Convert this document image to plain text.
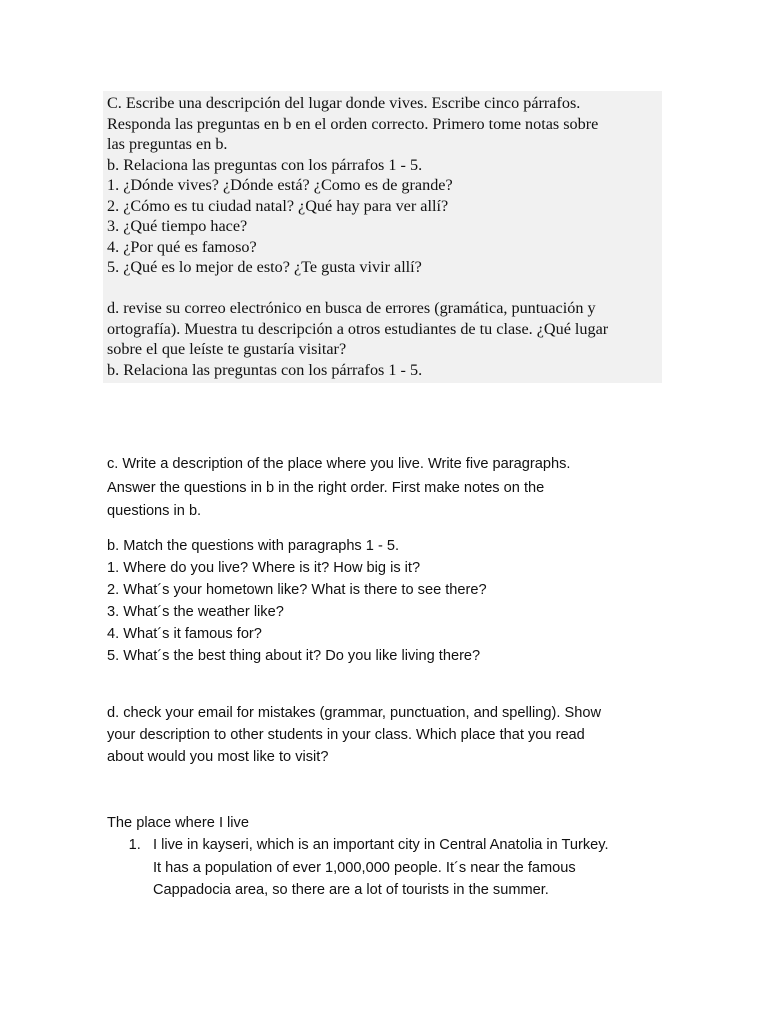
C. Escribe una descripción del lugar donde vives. Escribe cinco párrafos.
Responda las preguntas en b en el orden correcto. Primero tome notas sobre
las preguntas en b.
b. Relaciona las preguntas con los párrafos 1 - 5.
1. ¿Dónde vives? ¿Dónde está? ¿Como es de grande?
2. ¿Cómo es tu ciudad natal? ¿Qué hay para ver allí?
3. ¿Qué tiempo hace?
4. ¿Por qué es famoso?
5. ¿Qué es lo mejor de esto? ¿Te gusta vivir allí?
d. revise su correo electrónico en busca de errores (gramática, puntuación y
ortografía). Muestra tu descripción a otros estudiantes de tu clase. ¿Qué lugar
sobre el que leíste te gustaría visitar?
b. Relaciona las preguntas con los párrafos 1 - 5.
c. Write a description of the place where you live. Write five paragraphs.
Answer the questions in b in the right order. First make notes on the
questions in b.
b. Match the questions with paragraphs 1 - 5.
1. Where do you live? Where is it? How big is it?
2. What´s your hometown like? What is there to see there?
3. What´s the weather like?
4. What´s it famous for?
5. What´s the best thing about it? Do you like living there?
d. check your email for mistakes (grammar, punctuation, and spelling). Show
your description to other students in your class. Which place that you read
about would you most like to visit?
The place where I live
1. I live in kayseri, which is an important city in Central Anatolia in Turkey.
It has a population of ever 1,000,000 people. It´s near the famous
Cappadocia area, so there are a lot of tourists in the summer.
